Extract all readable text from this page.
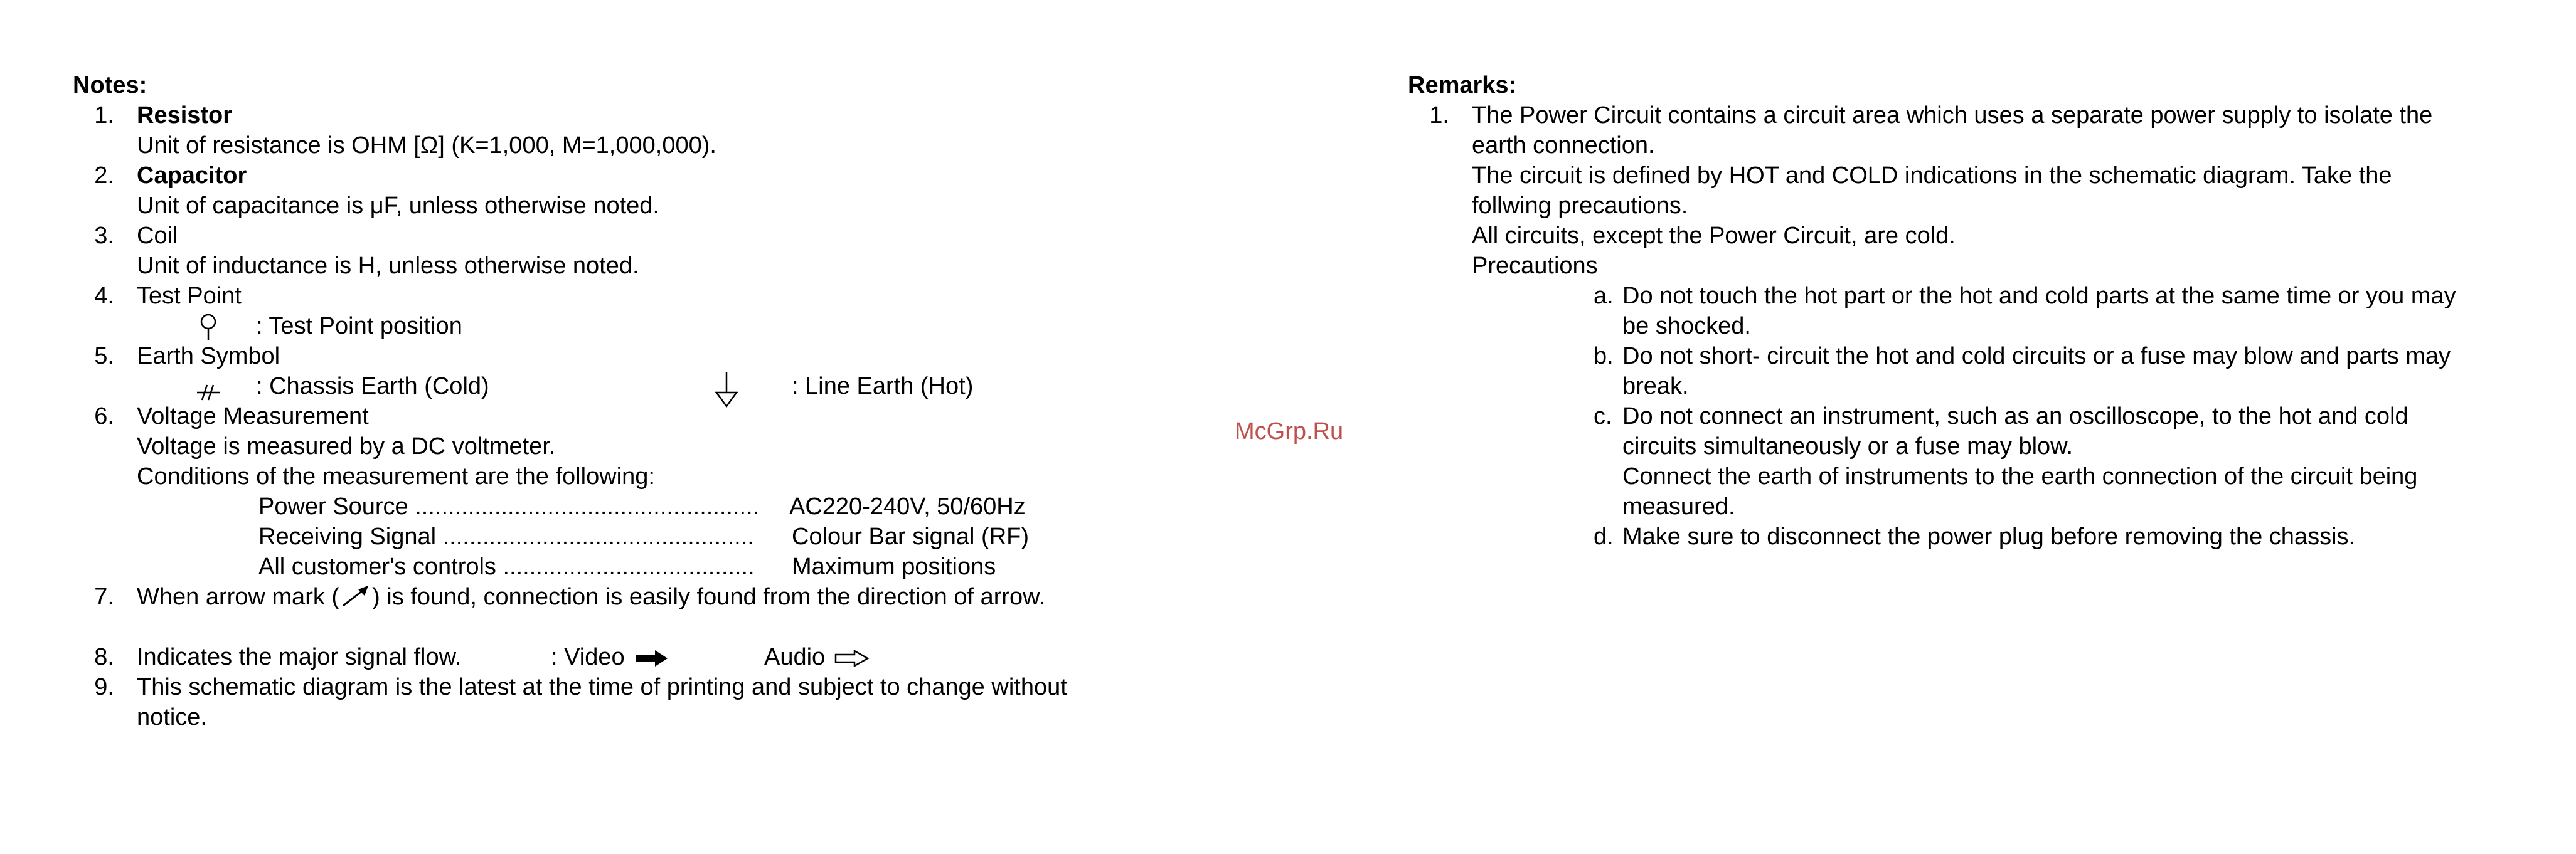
Notes:
1. Resistor
Unit of resistance is OHM [Ω] (K=1,000, M=1,000,000).
2. Capacitor
Unit of capacitance is μF, unless otherwise noted.
3. Coil
Unit of inductance is H, unless otherwise noted.
4. Test Point
: Test Point position
5. Earth Symbol
: Chassis Earth (Cold)	: Line Earth (Hot)
6. Voltage Measurement
Voltage is measured by a DC voltmeter.
Conditions of the measurement are the following:
Power Source .................................................... AC220-240V, 50/60Hz
Receiving Signal ............................................... Colour Bar signal (RF)
All customer's controls ...................................... Maximum positions
7. When arrow mark ( ) is found, connection is easily found from the direction of arrow.
8. Indicates the major signal flow.	: Video	Audio
9. This schematic diagram is the latest at the time of printing and subject to change without
notice.
McGrp.Ru
Remarks:
1. The Power Circuit contains a circuit area which uses a separate power supply to isolate the
earth connection.
The circuit is defined by HOT and COLD indications in the schematic diagram. Take the
follwing precautions.
All circuits, except the Power Circuit, are cold.
Precautions
a. Do not touch the hot part or the hot and cold parts at the same time or you may
be shocked.
b. Do not short- circuit the hot and cold circuits or a fuse may blow and parts may
break.
c. Do not connect an instrument, such as an oscilloscope, to the hot and cold
circuits simultaneously or a fuse may blow.
Connect the earth of instruments to the earth connection of the circuit being
measured.
d. Make sure to disconnect the power plug before removing the chassis.
